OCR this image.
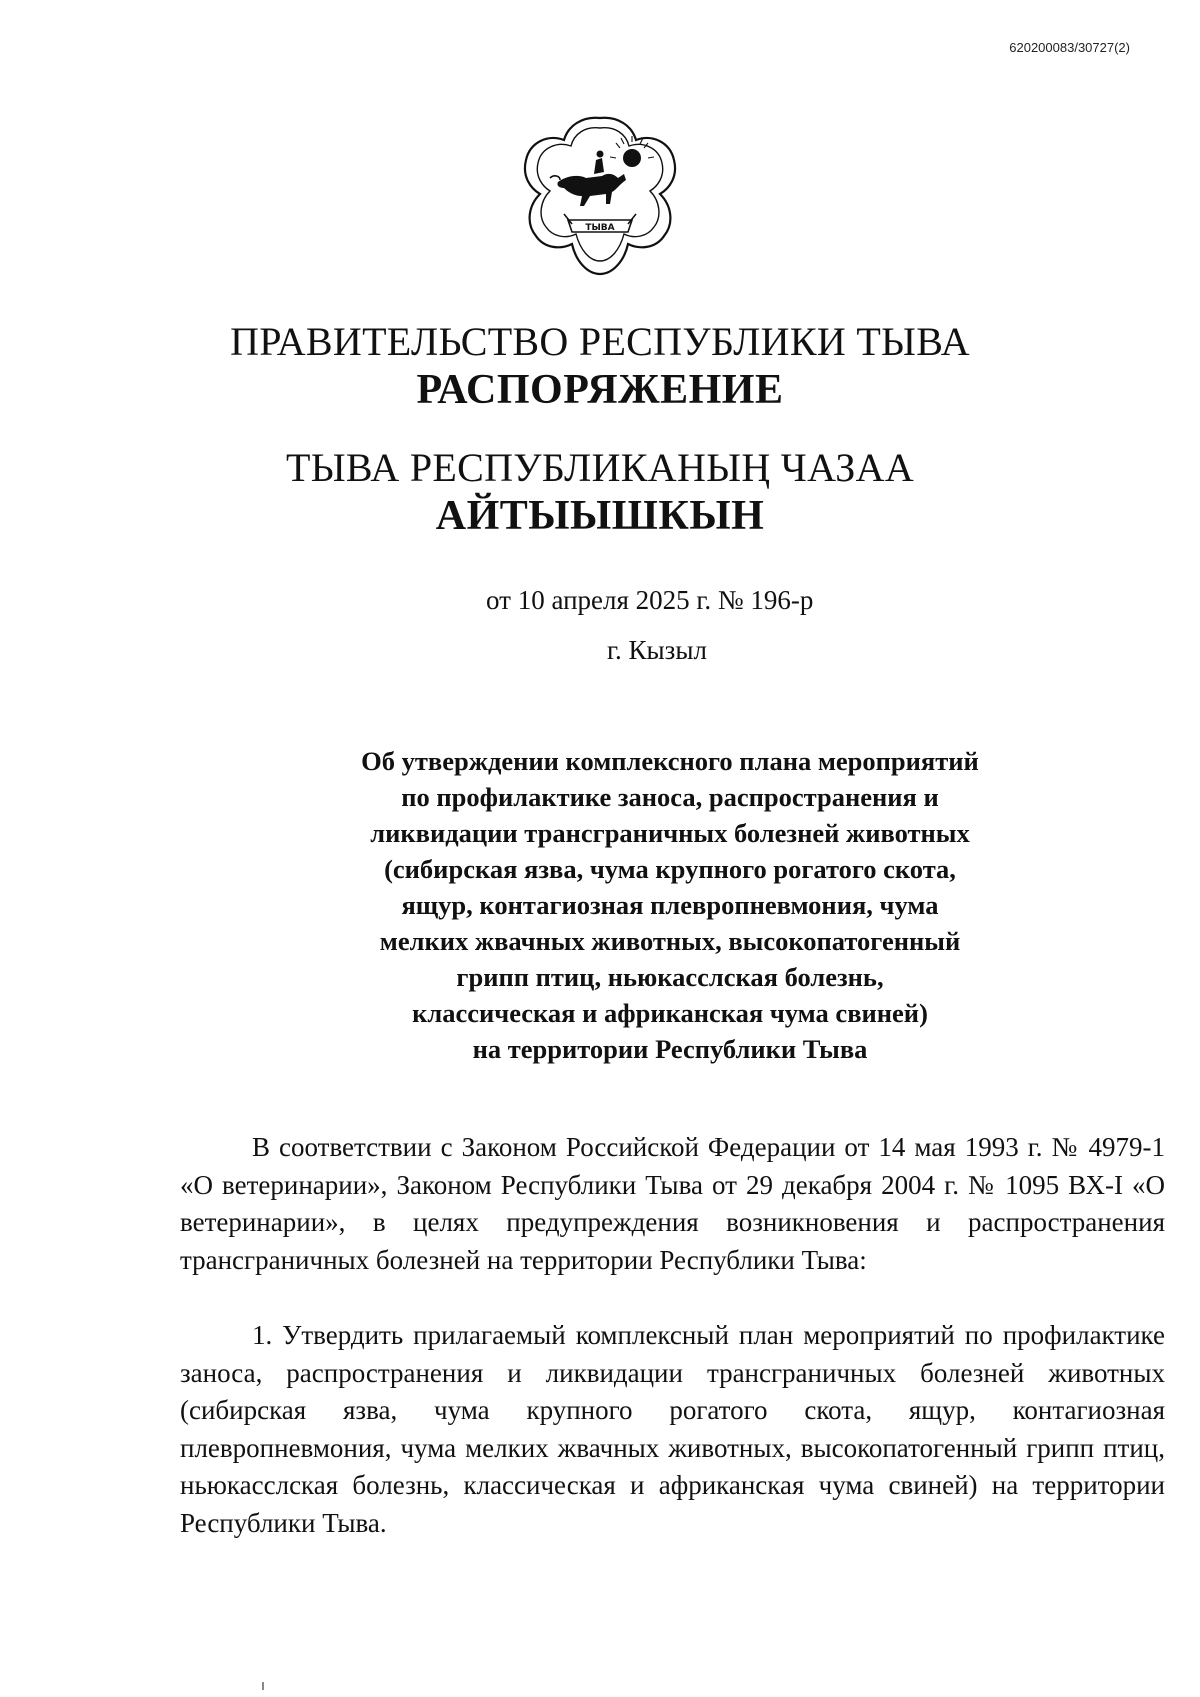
620200083/30727(2)
ТЫВА
ПРАВИТЕЛЬСТВО РЕСПУБЛИКИ ТЫВА
РАСПОРЯЖЕНИЕ
ТЫВА РЕСПУБЛИКАНЫҢ ЧАЗАА
АЙТЫЫШКЫН
от 10 апреля 2025 г. № 196-р
г. Кызыл
Об утверждении комплексного плана мероприятий
по профилактике заноса, распространения и
ликвидации трансграничных болезней животных
(сибирская язва, чума крупного рогатого скота,
ящур, контагиозная плевропневмония, чума
мелких жвачных животных, высокопатогенный
грипп птиц, ньюкасслская болезнь,
классическая и африканская чума свиней)
на территории Республики Тыва

В соответствии с Законом Российской Федерации от 14 мая 1993 г. № 4979-1 «О ветеринарии», Законом Республики Тыва от 29 декабря 2004 г. № 1095 ВХ-I «О ветеринарии», в целях предупреждения возникновения и распространения трансграничных болезней на территории Республики Тыва:

1. Утвердить прилагаемый комплексный план мероприятий по профилактике заноса, распространения и ликвидации трансграничных болезней животных (сибирская язва, чума крупного рогатого скота, ящур, контагиозная плевропневмония, чума мелких жвачных животных, высокопатогенный грипп птиц, ньюкасслская болезнь, классическая и африканская чума свиней) на территории Республики Тыва.
